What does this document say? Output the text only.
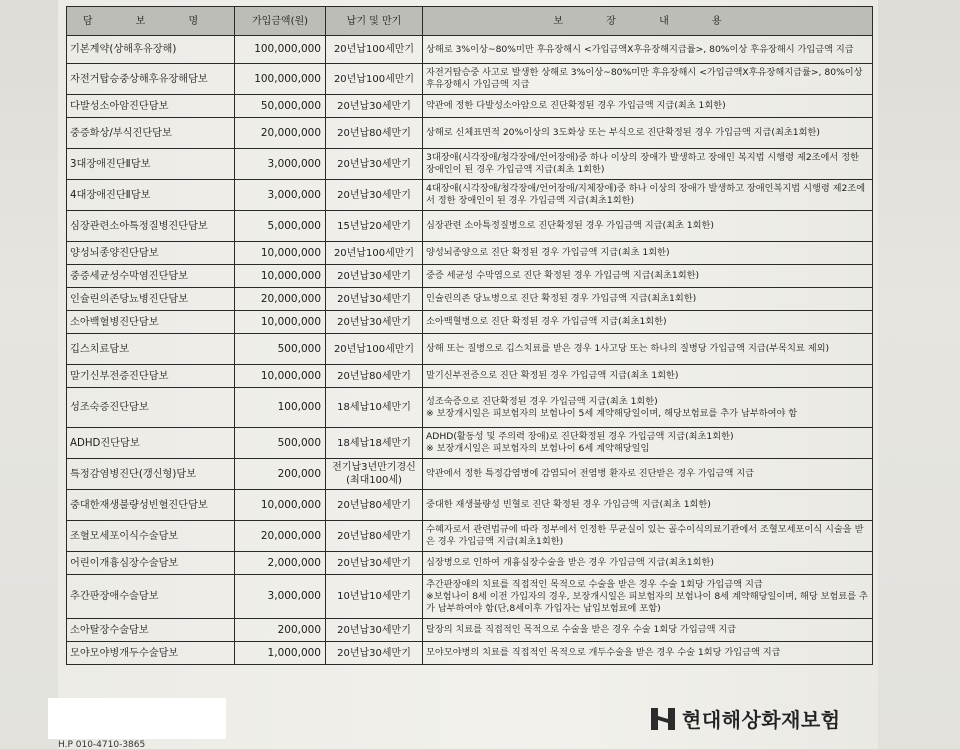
담 보 명	가입금액(원)	납기 및 만기	보 장 내 용
기본계약(상해후유장해)	100,000,000	20년납100세만기	상해로 3%이상~80%미만 후유장해시 <가입금액X후유장해지급률>, 80%이상 후유장해시 가입금액 지급
자전거탑승중상해후유장해담보	100,000,000	20년납100세만기	자전거탑승중 사고로 발생한 상해로 3%이상~80%미만 후유장해시 <가입금액X후유장해지급률>, 80%이상 후유장해시 가입금액 지급
다발성소아암진단담보	50,000,000	20년납30세만기	약관에 정한 다발성소아암으로 진단확정된 경우 가입금액 지급(최초 1회한)
중증화상/부식진단담보	20,000,000	20년납80세만기	상해로 신체표면적 20%이상의 3도화상 또는 부식으로 진단확정된 경우 가입금액 지급(최초1회한)
3대장애진단Ⅱ담보	3,000,000	20년납30세만기	3대장애(시각장애/청각장애/언어장애)중 하나 이상의 장애가 발생하고 장애인 복지법 시행령 제2조에서 정한 장애인이 된 경우 가입금액 지급(최초 1회한)
4대장애진단Ⅱ담보	3,000,000	20년납30세만기	4대장애(시각장애/청각장애/언어장애/지체장애)중 하나 이상의 장애가 발생하고 장애인복지법 시행령 제2조에서 정한 장애인이 된 경우 가입금액 지급(최초1회한)
심장관련소아특정질병진단담보	5,000,000	15년납20세만기	심장관련 소아특정질병으로 진단확정된 경우 가입금액 지급(최초 1회한)
양성뇌종양진단담보	10,000,000	20년납100세만기	양성뇌종양으로 진단 확정된 경우 가입금액 지급(최초 1회한)
중증세균성수막염진단담보	10,000,000	20년납30세만기	중증 세균성 수막염으로 진단 확정된 경우 가입금액 지급(최초1회한)
인슐린의존당뇨병진단담보	20,000,000	20년납30세만기	인슐린의존 당뇨병으로 진단 확정된 경우 가입금액 지급(최초1회한)
소아백혈병진단담보	10,000,000	20년납30세만기	소아백혈병으로 진단 확정된 경우 가입금액 지급(최초1회한)
깁스치료담보	500,000	20년납100세만기	상해 또는 질병으로 깁스치료를 받은 경우 1사고당 또는 하나의 질병당 가입금액 지급(부목치료 제외)
말기신부전증진단담보	10,000,000	20년납80세만기	말기신부전증으로 진단 확정된 경우 가입금액 지급(최초 1회한)
성조숙증진단담보	100,000	18세납10세만기	성조숙증으로 진단확정된 경우 가입금액 지급(최초 1회한)
※ 보장개시일은 피보험자의 보험나이 5세 계약해당일이며, 해당보험료를 추가 납부하여야 함
ADHD진단담보	500,000	18세납18세만기	ADHD(활동성 및 주의력 장애)로 진단확정된 경우 가입금액 지급(최초1회한)
※ 보장개시일은 피보험자의 보험나이 6세 계약해당일임
특정감염병진단(갱신형)담보	200,000	전기납3년만기경신(최대100세)	약관에서 정한 특정감염병에 감염되어 전염병 환자로 진단받은 경우 가입금액 지급
중대한재생불량성빈혈진단담보	10,000,000	20년납80세만기	중대한 재생불량성 빈혈로 진단 확정된 경우 가입금액 지급(최초 1회한)
조혈모세포이식수술담보	20,000,000	20년납80세만기	수혜자로서 관련법규에 따라 정부에서 인정한 무균실이 있는 골수이식의료기관에서 조혈모세포이식 시술을 받은 경우 가입금액 지급(최초1회한)
어린이개흉심장수술담보	2,000,000	20년납30세만기	심장병으로 인하여 개흉심장수술을 받은 경우 가입금액 지급(최초1회한)
추간판장애수술담보	3,000,000	10년납10세만기	추간판장애의 치료를 직접적인 목적으로 수술을 받은 경우 수술 1회당 가입금액 지급
※보험나이 8세 이전 가입자의 경우, 보장개시일은 피보험자의 보험나이 8세 계약해당일이며, 해당 보험료를 추가 납부하여야 함(단,8세이후 가입자는 납입보험료에 포함)
소아탈장수술담보	200,000	20년납30세만기	탈장의 치료를 직접적인 목적으로 수술을 받은 경우 수술 1회당 가입금액 지급
모야모야병개두수술담보	1,000,000	20년납30세만기	모야모야병의 치료를 직접적인 목적으로 개두수술을 받은 경우 수술 1회당 가입금액 지급
H.P 010-4710-3865
현대해상화재보험
